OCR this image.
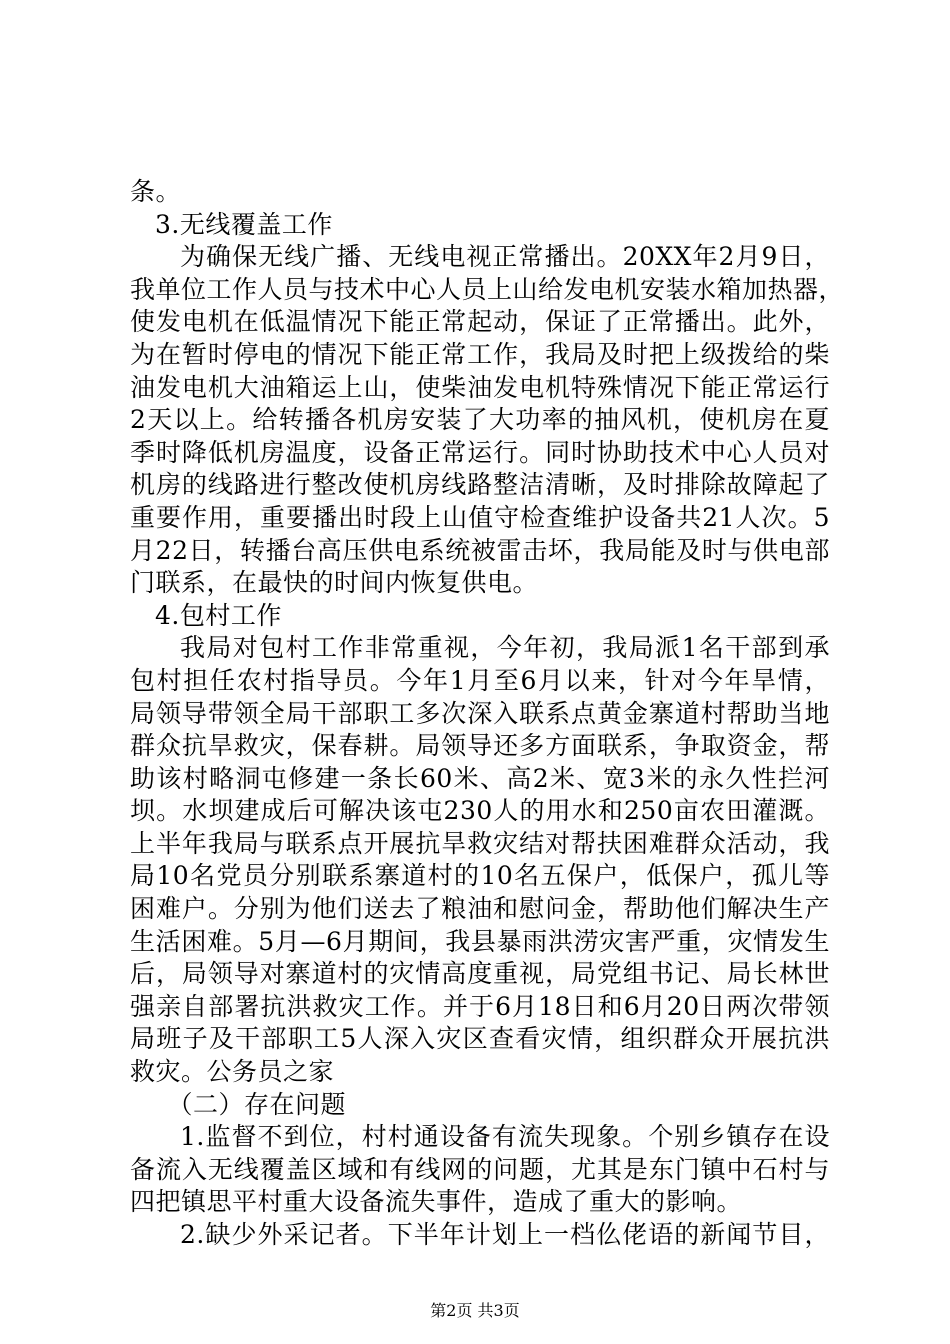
条。
3.无线覆盖工作
为确保无线广播、无线电视正常播出。20XX年2月9日，
我单位工作人员与技术中心人员上山给发电机安装水箱加热器，
使发电机在低温情况下能正常起动，保证了正常播出。此外，
为在暂时停电的情况下能正常工作，我局及时把上级拨给的柴
油发电机大油箱运上山，使柴油发电机特殊情况下能正常运行
2天以上。给转播各机房安装了大功率的抽风机，使机房在夏
季时降低机房温度，设备正常运行。同时协助技术中心人员对
机房的线路进行整改使机房线路整洁清晰，及时排除故障起了
重要作用，重要播出时段上山值守检查维护设备共21人次。5
月22日，转播台高压供电系统被雷击坏，我局能及时与供电部
门联系，在最快的时间内恢复供电。
4.包村工作
我局对包村工作非常重视，今年初，我局派1名干部到承
包村担任农村指导员。今年1月至6月以来，针对今年旱情，
局领导带领全局干部职工多次深入联系点黄金寨道村帮助当地
群众抗旱救灾，保春耕。局领导还多方面联系，争取资金，帮
助该村略洞屯修建一条长60米、高2米、宽3米的永久性拦河
坝。水坝建成后可解决该屯230人的用水和250亩农田灌溉。
上半年我局与联系点开展抗旱救灾结对帮扶困难群众活动，我
局10名党员分别联系寨道村的10名五保户，低保户，孤儿等
困难户。分别为他们送去了粮油和慰问金，帮助他们解决生产
生活困难。5月—6月期间，我县暴雨洪涝灾害严重，灾情发生
后，局领导对寨道村的灾情高度重视，局党组书记、局长林世
强亲自部署抗洪救灾工作。并于6月18日和6月20日两次带领
局班子及干部职工5人深入灾区查看灾情，组织群众开展抗洪
救灾。公务员之家
（二）存在问题
1.监督不到位，村村通设备有流失现象。个别乡镇存在设
备流入无线覆盖区域和有线网的问题，尤其是东门镇中石村与
四把镇思平村重大设备流失事件，造成了重大的影响。
2.缺少外采记者。下半年计划上一档仫佬语的新闻节目，
第2页 共3页
